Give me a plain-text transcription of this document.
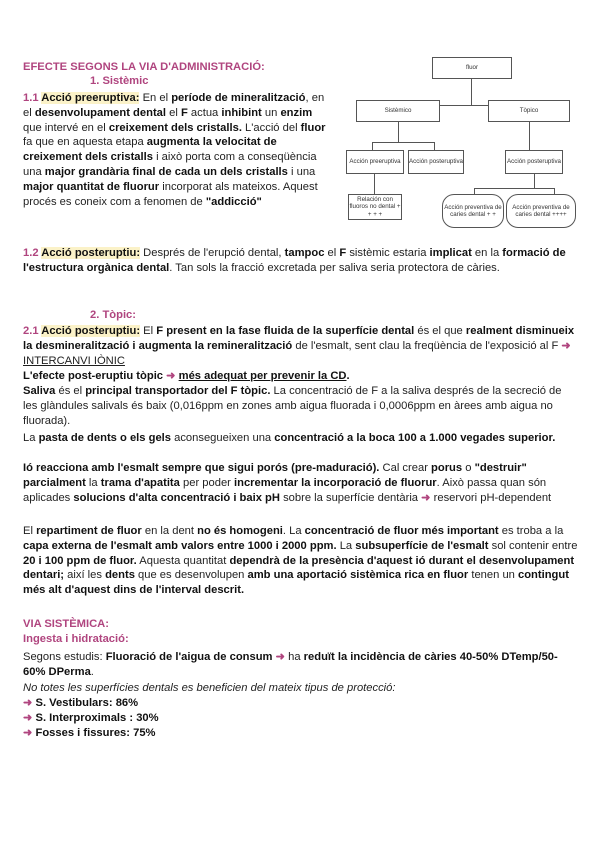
fluor
Sistèmico	Tòpico
Acción preeruptiva	Acción posteruptiva	Acción posteruptiva
Relación con fluoros no dental + + + +
Acción preventiva de caries dental + +
Acción preventiva de caries dental ++++
EFECTE SEGONS LA VIA D'ADMINISTRACIÓ:
1. Sistèmic
1.1 Acció preeruptiva: En el període de mineralització, en el desenvolupament dental el F actua inhibint un enzim que intervé en el creixement dels cristalls. L'acció del fluor fa que en aquesta etapa augmenta la velocitat de creixement dels cristalls i això porta com a conseqüència una major grandària final de cada un dels cristalls i una major quantitat de fluorur incorporat als mateixos. Aquest procés es coneix com a fenomen de "addicció"
1.2 Acció posteruptiu: Després de l'erupció dental, tampoc el F sistèmic estaria implicat en la formació de l'estructura orgànica dental. Tan sols la fracció excretada per saliva seria protectora de càries.
2. Tòpic:
2.1 Acció posteruptiu: El F present en la fase fluida de la superfície dental és el que realment disminueix la desmineralització i augmenta la remineralització de l'esmalt, sent clau la freqüència de l'exposició al F ➜ INTERCANVI IÒNIC
L'efecte post-eruptiu tòpic ➜ més adequat per prevenir la CD.
Saliva és el principal transportador del F tòpic. La concentració de F a la saliva després de la secreció de les glàndules salivals és baix (0,016ppm en zones amb aigua fluorada i 0,0006ppm en àrees amb aigua no fluorada).
La pasta de dents o els gels aconsegueixen una concentració a la boca 100 a 1.000 vegades superior.
Ió reacciona amb l'esmalt sempre que sigui porós (pre-maduració). Cal crear porus o "destruir" parcialment la trama d'apatita per poder incrementar la incorporació de fluorur. Això passa quan són aplicades solucions d'alta concentració i baix pH sobre la superfície dentària ➜ reservori pH-dependent
El repartiment de fluor en la dent no és homogeni. La concentració de fluor més important es troba a la capa externa de l'esmalt amb valors entre 1000 i 2000 ppm. La subsuperfície de l'esmalt sol contenir entre 20 i 100 ppm de fluor. Aquesta quantitat dependrà de la presència d'aquest ió durant el desenvolupament dentari; així les dents que es desenvolupen amb una aportació sistèmica rica en fluor tenen un contingut més alt d'aquest dins de l'interval descrit.
VIA SISTÈMICA:
Ingesta i hidratació:
Segons estudis: Fluoració de l'aigua de consum ➜ ha reduït la incidència de càries 40-50% DTemp/50-60% DPerma.
No totes les superfícies dentals es beneficien del mateix tipus de protecció:
➜ S. Vestibulars: 86%
➜ S. Interproximals : 30%
➜ Fosses i fissures: 75%
